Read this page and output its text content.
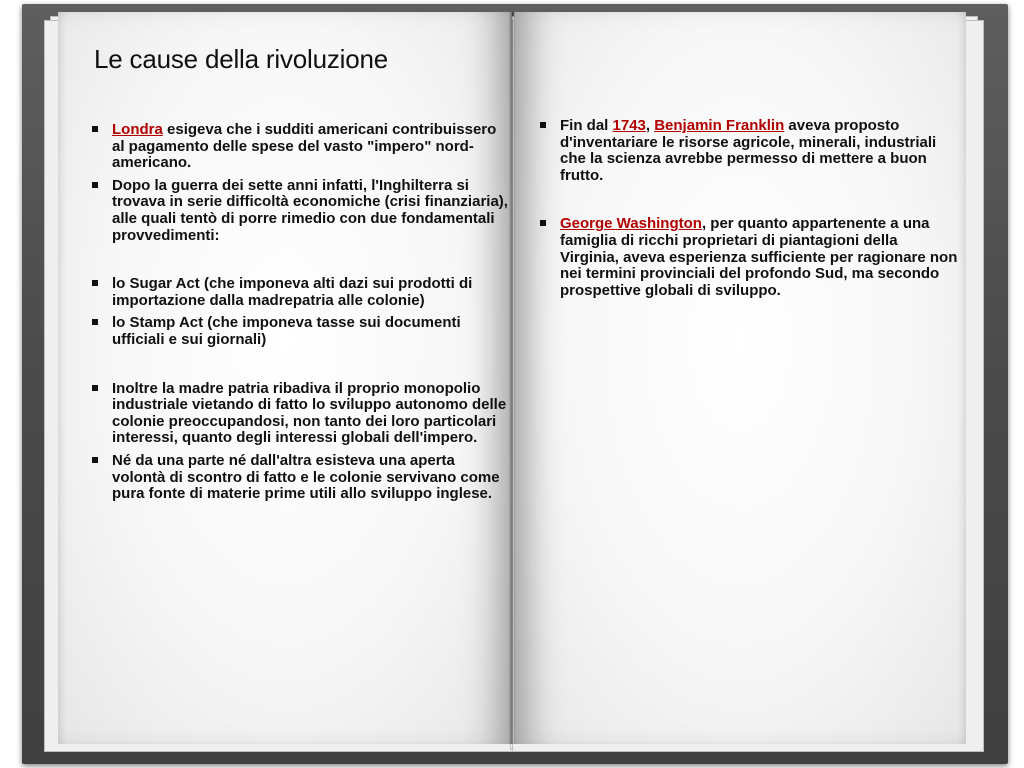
Le cause della rivoluzione
Londra esigeva che i sudditi americani contribuissero al pagamento delle spese del vasto "impero" nord-americano.
Dopo la guerra dei sette anni infatti, l'Inghilterra si trovava in serie difficoltà economiche (crisi finanziaria), alle quali tentò di porre rimedio con due fondamentali provvedimenti:
lo Sugar Act (che imponeva alti dazi sui prodotti di importazione dalla madrepatria alle colonie)
lo Stamp Act (che imponeva tasse sui documenti ufficiali e sui giornali)
Inoltre la madre patria ribadiva il proprio monopolio industriale vietando di fatto lo sviluppo autonomo delle colonie preoccupandosi, non tanto dei loro particolari interessi, quanto degli interessi globali dell'impero.
Né da una parte né dall'altra esisteva una aperta volontà di scontro di fatto e le colonie servivano come pura fonte di materie prime utili allo sviluppo inglese.
Fin dal 1743, Benjamin Franklin aveva proposto d'inventariare le risorse agricole, minerali, industriali che la scienza avrebbe permesso di mettere a buon frutto.
George Washington, per quanto appartenente a una famiglia di ricchi proprietari di piantagioni della Virginia, aveva esperienza sufficiente per ragionare non nei termini provinciali del profondo Sud, ma secondo prospettive globali di sviluppo.
